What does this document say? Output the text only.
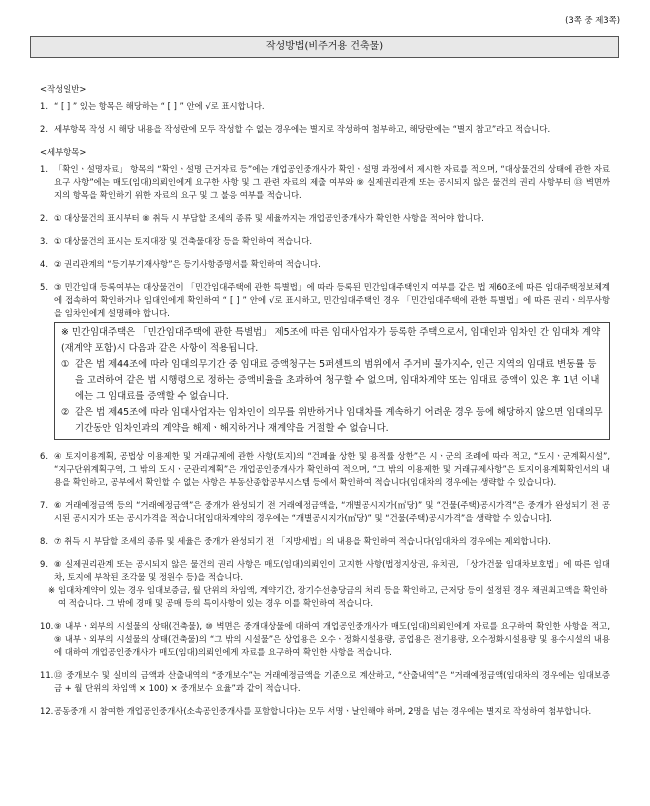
(3쪽 중 제3쪽)
작성방법(비주거용 건축물)
<작성일반>
1. “ [ ] ” 있는 항목은 해당하는 “ [ ] ” 안에 √로 표시합니다.
2. 세부항목 작성 시 해당 내용을 작성란에 모두 작성할 수 없는 경우에는 별지로 작성하여 첨부하고, 해당란에는 “별지 참고”라고 적습니다.
<세부항목>
1. 「확인ㆍ설명자료」 항목의 “확인ㆍ설명 근거자료 등”에는 개업공인중개사가 확인ㆍ설명 과정에서 제시한 자료를 적으며, “대상물건의 상태에 관한 자료요구 사항”에는 매도(임대)의뢰인에게 요구한 사항 및 그 관련 자료의 제출 여부와 ⑨ 실제권리관계 또는 공시되지 않은 물건의 권리 사항부터 ⑬ 벽면까지의 항목을 확인하기 위한 자료의 요구 및 그 불응 여부를 적습니다.
2. ① 대상물건의 표시부터 ⑧ 취득 시 부담할 조세의 종류 및 세율까지는 개업공인중개사가 확인한 사항을 적어야 합니다.
3. ① 대상물건의 표시는 토지대장 및 건축물대장 등을 확인하여 적습니다.
4. ② 권리관계의 “등기부기재사항”은 등기사항증명서를 확인하여 적습니다.
5. ③ 민간임대 등록여부는 대상물건이 「민간임대주택에 관한 특별법」에 따라 등록된 민간임대주택인지 여부를 같은 법 제60조에 따른 임대주택정보체계에 접속하여 확인하거나 임대인에게 확인하여 “ [ ] ” 안에 √로 표시하고, 민간임대주택인 경우 「민간임대주택에 관한 특별법」에 따른 권리ㆍ의무사항을 임차인에게 설명해야 합니다.
※ 민간임대주택은 「민간임대주택에 관한 특별법」 제5조에 따른 임대사업자가 등록한 주택으로서, 임대인과 임차인 간 임대차 계약(재계약 포함)시 다음과 같은 사항이 적용됩니다.
① 같은 법 제44조에 따라 임대의무기간 중 임대료 증액청구는 5퍼센트의 범위에서 주거비 물가지수, 인근 지역의 임대료 변동률 등을 고려하여 같은 법 시행령으로 정하는 증액비율을 초과하여 청구할 수 없으며, 임대차계약 또는 임대료 증액이 있은 후 1년 이내에는 그 임대료를 증액할 수 없습니다.
② 같은 법 제45조에 따라 임대사업자는 임차인이 의무를 위반하거나 임대차를 계속하기 어려운 경우 등에 해당하지 않으면 임대의무기간동안 임차인과의 계약을 해제ㆍ해지하거나 재계약을 거절할 수 없습니다.
6. ④ 토지이용계획, 공법상 이용제한 및 거래규제에 관한 사항(토지)의 “건폐율 상한 및 용적률 상한”은 시ㆍ군의 조례에 따라 적고, “도시ㆍ군계획시설”, “지구단위계획구역, 그 밖의 도시ㆍ군관리계획”은 개업공인중개사가 확인하여 적으며, “그 밖의 이용제한 및 거래규제사항”은 토지이용계획확인서의 내용을 확인하고, 공부에서 확인할 수 없는 사항은 부동산종합공부시스템 등에서 확인하여 적습니다(임대차의 경우에는 생략할 수 있습니다).
7. ⑥ 거래예정금액 등의 “거래예정금액”은 중개가 완성되기 전 거래예정금액을, “개별공시지가(㎡당)” 및 “건물(주택)공시가격”은 중개가 완성되기 전 공시된 공시지가 또는 공시가격을 적습니다[임대차계약의 경우에는 “개별공시지가(㎡당)” 및 “건물(주택)공시가격”을 생략할 수 있습니다].
8. ⑦ 취득 시 부담할 조세의 종류 및 세율은 중개가 완성되기 전 「지방세법」의 내용을 확인하여 적습니다(임대차의 경우에는 제외합니다).
9. ⑧ 실제권리관계 또는 공시되지 않은 물건의 권리 사항은 매도(임대)의뢰인이 고지한 사항(법정지상권, 유치권, 「상가건물 임대차보호법」에 따른 임대차, 토지에 부착된 조각물 및 정원수 등)을 적습니다.
※ 임대차계약이 있는 경우 임대보증금, 월 단위의 차임액, 계약기간, 장기수선충당금의 처리 등을 확인하고, 근저당 등이 설정된 경우 채권최고액을 확인하여 적습니다. 그 밖에 경매 및 공매 등의 특이사항이 있는 경우 이를 확인하여 적습니다.
10. ⑨ 내부ㆍ외부의 시설물의 상태(건축물), ⑩ 벽면은 중개대상물에 대하여 개업공인중개사가 매도(임대)의뢰인에게 자료를 요구하여 확인한 사항을 적고, ⑨ 내부ㆍ외부의 시설물의 상태(건축물)의 “그 밖의 시설물”은 상업용은 오수ㆍ정화시설용량, 공업용은 전기용량, 오수정화시설용량 및 용수시설의 내용에 대하여 개업공인중개사가 매도(임대)의뢰인에게 자료를 요구하여 확인한 사항을 적습니다.
11. ⑫ 중개보수 및 실비의 금액과 산출내역의 “중개보수”는 거래예정금액을 기준으로 계산하고, “산출내역”은 “거래예정금액(임대차의 경우에는 임대보증금 + 월 단위의 차임액 × 100) × 중개보수 요율”과 같이 적습니다.
12. 공동중개 시 참여한 개업공인중개사(소속공인중개사를 포함합니다)는 모두 서명ㆍ날인해야 하며, 2명을 넘는 경우에는 별지로 작성하여 첨부합니다.
